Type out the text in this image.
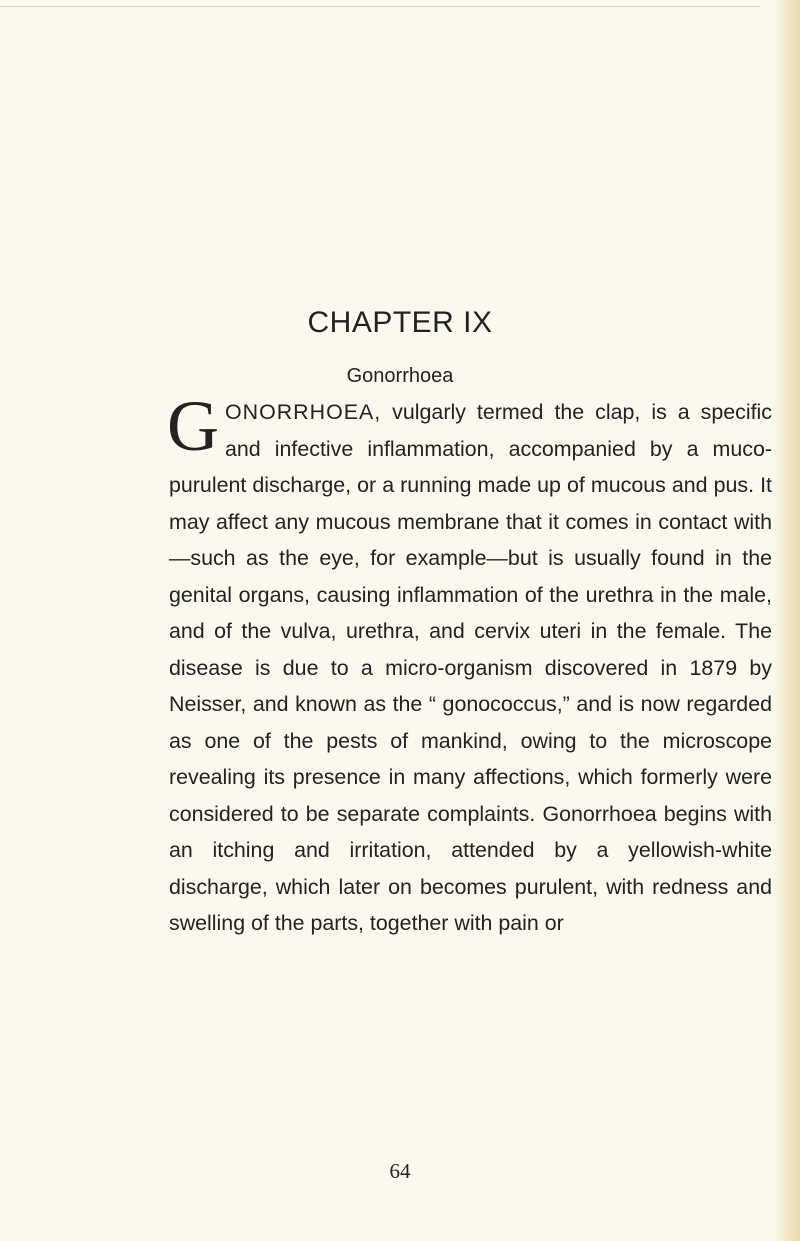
CHAPTER IX
Gonorrhoea
GONORRHOEA, vulgarly termed the clap, is a specific and infective inflammation, accompanied by a muco-purulent discharge, or a running made up of mucous and pus. It may affect any mucous membrane that it comes in contact with—such as the eye, for example—but is usually found in the genital organs, causing inflammation of the urethra in the male, and of the vulva, urethra, and cervix uteri in the female. The disease is due to a micro-organism discovered in 1879 by Neisser, and known as the “ gonococcus,” and is now regarded as one of the pests of mankind, owing to the microscope revealing its presence in many affections, which formerly were considered to be separate complaints. Gonorrhoea begins with an itching and irritation, attended by a yellowish-white discharge, which later on becomes purulent, with redness and swelling of the parts, together with pain or
64
